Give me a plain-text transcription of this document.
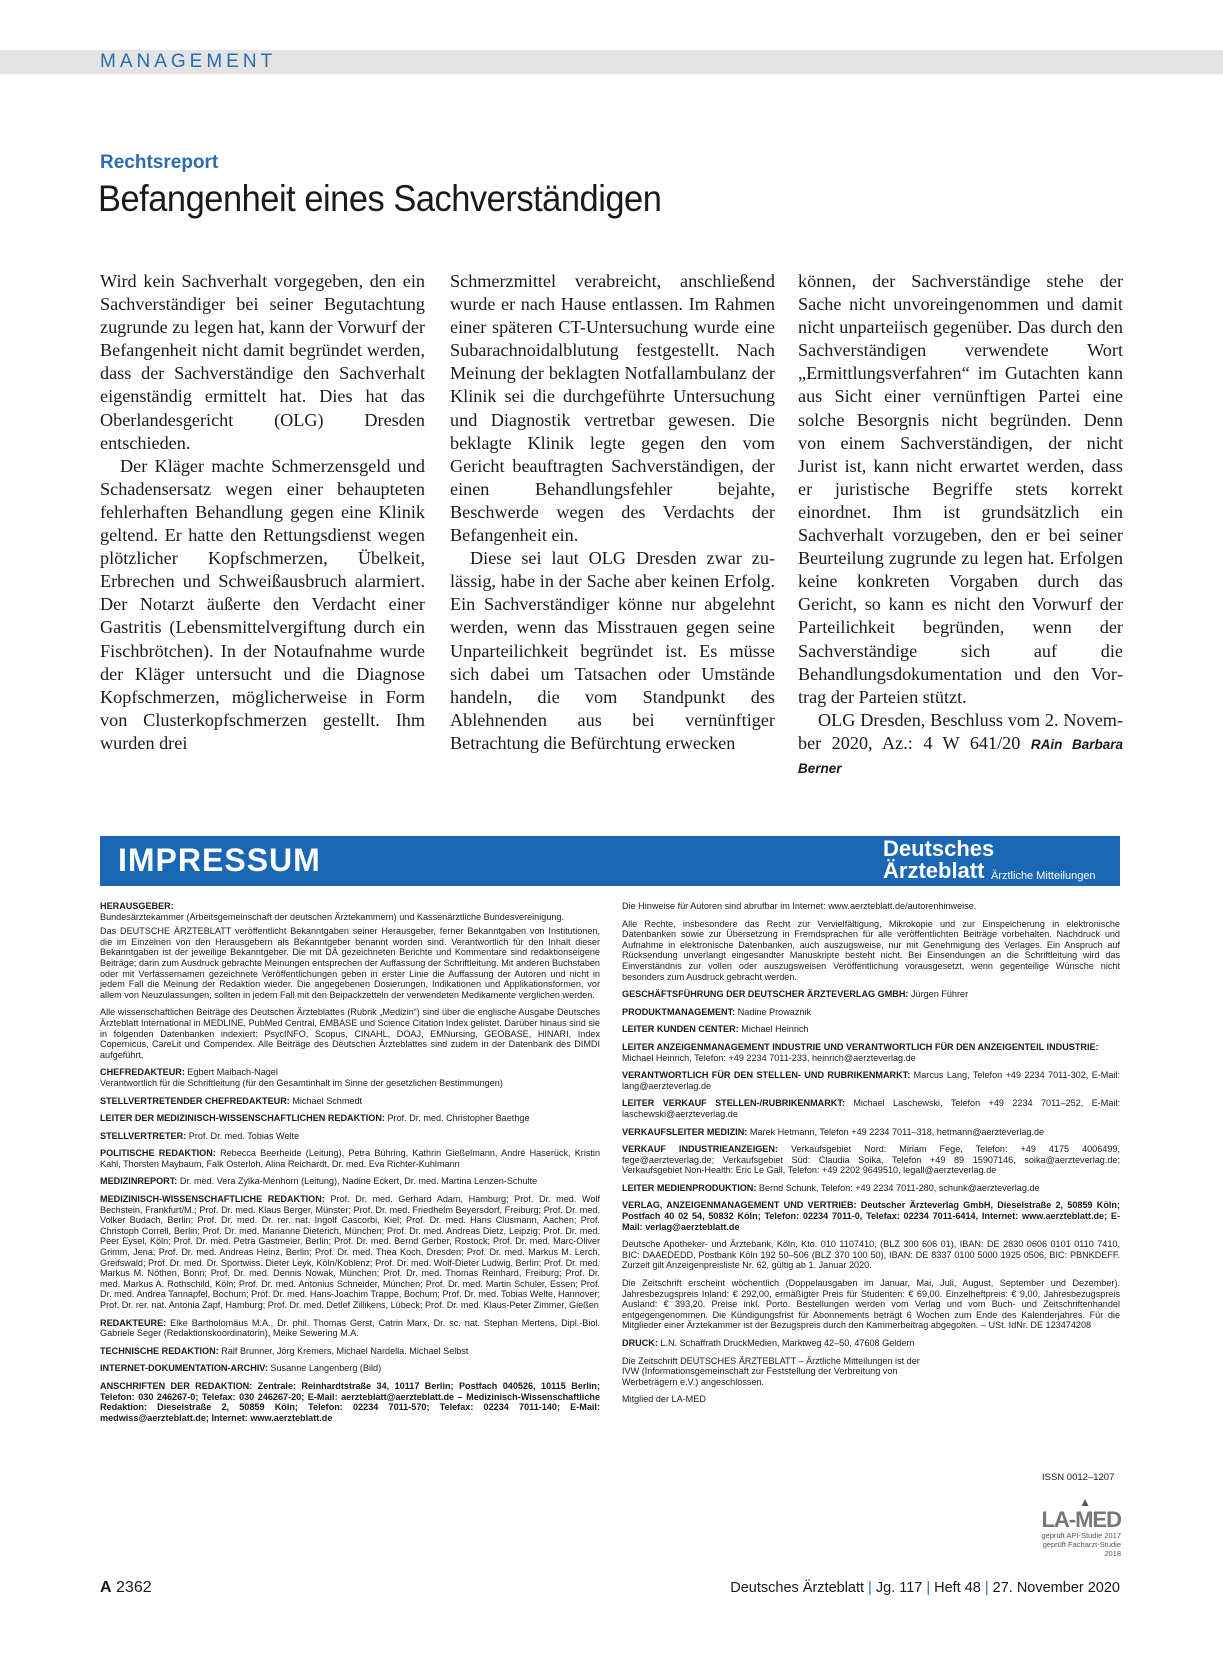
MANAGEMENT
Rechtsreport
Befangenheit eines Sachverständigen

Wird kein Sachverhalt vorgegeben, den ein Sachverständiger bei seiner Begutachtung zugrunde zu legen hat, kann der Vorwurf der Befangenheit nicht damit begründet werden, dass der Sachverständige den Sachverhalt eigenständig ermittelt hat. Dies hat das Oberlandesgericht (OLG) Dresden entschieden.

Der Kläger machte Schmerzensgeld und Schadensersatz wegen einer behaupteten fehlerhaften Behandlung gegen eine Klinik geltend. Er hatte den Rettungsdienst wegen plötzlicher Kopfschmerzen, Übelkeit, Erbrechen und Schweißausbruch alarmiert. Der Notarzt äußerte den Verdacht einer Gastritis (Lebensmittelvergiftung durch ein Fischbrötchen). In der Notaufnahme wurde der Kläger untersucht und die Diagnose Kopfschmerzen, möglicherweise in Form von Clusterkopfschmerzen gestellt. Ihm wurden drei

Schmerzmittel verabreicht, anschließend wurde er nach Hause entlassen. Im Rahmen einer späteren CT-Untersuchung wurde eine Subarachnoidalblutung festgestellt. Nach Meinung der beklagten Notfallambulanz der Klinik sei die durchgeführte Untersuchung und Diagnostik vertretbar gewesen. Die beklagte Klinik legte gegen den vom Gericht beauftragten Sachverständigen, der einen Behandlungsfehler bejahte, Beschwerde wegen des Verdachts der Befangenheit ein.

Diese sei laut OLG Dresden zwar zulässig, habe in der Sache aber keinen Erfolg. Ein Sachverständiger könne nur abgelehnt werden, wenn das Misstrauen gegen seine Unparteilichkeit begründet ist. Es müsse sich dabei um Tatsachen oder Umstände handeln, die vom Standpunkt des Ablehnenden aus bei vernünftiger Betrachtung die Befürchtung erwecken

können, der Sachverständige stehe der Sache nicht unvoreingenommen und damit nicht unparteiisch gegenüber. Das durch den Sachverständigen verwendete Wort „Ermittlungsverfahren“ im Gutachten kann aus Sicht einer vernünftigen Partei eine solche Besorgnis nicht begründen. Denn von einem Sachverständigen, der nicht Jurist ist, kann nicht erwartet werden, dass er juristische Begriffe stets korrekt einordnet. Ihm ist grundsätzlich ein Sachverhalt vorzugeben, den er bei seiner Beurteilung zugrunde zu legen hat. Erfolgen keine konkreten Vorgaben durch das Gericht, so kann es nicht den Vorwurf der Parteilichkeit begründen, wenn der Sachverständige sich auf die Behandlungsdokumentation und den Vortrag der Parteien stützt.

OLG Dresden, Beschluss vom 2. November 2020, Az.: 4 W 641/20 RAin Barbara Berner

IMPRESSUM	Deutsches
Ärzteblatt Ärztliche Mitteilungen

HERAUSGEBER:
Bundesärztekammer (Arbeitsgemeinschaft der deutschen Ärztekammern) und Kassenärztliche Bundesvereinigung.

Das DEUTSCHE ÄRZTEBLATT veröffentlicht Bekanntgaben seiner Herausgeber, ferner Bekanntgaben von Institutionen, die im Einzelnen von den Herausgebern als Bekanntgeber benannt worden sind. Verantwortlich für den Inhalt dieser Bekanntgaben ist der jeweilige Bekanntgeber. Die mit DÄ gezeichneten Berichte und Kommentare sind redaktionseigene Beiträge; darin zum Ausdruck gebrachte Meinungen entsprechen der Auffassung der Schriftleitung. Mit anderen Buchstaben oder mit Verfassernamen gezeichnete Veröffentlichungen geben in erster Linie die Auffassung der Autoren und nicht in jedem Fall die Meinung der Redaktion wieder. Die angegebenen Dosierungen, Indikationen und Applikationsformen, vor allem von Neuzulassungen, sollten in jedem Fall mit den Beipackzetteln der verwendeten Medikamente verglichen werden.

Alle wissenschaftlichen Beiträge des Deutschen Ärzteblattes (Rubrik „Medizin“) sind über die englische Ausgabe Deutsches Ärzteblatt International in MEDLINE, PubMed Central, EMBASE und Science Citation Index gelistet. Darüber hinaus sind sie in folgenden Datenbanken indexiert: PsycINFO, Scopus, CINAHL, DOAJ, EMNursing, GEOBASE, HINARI, Index Copernicus, CareLit und Compendex. Alle Beiträge des Deutschen Ärzteblattes sind zudem in der Datenbank des DIMDI aufgeführt.

CHEFREDAKTEUR: Egbert Maibach-Nagel
Verantwortlich für die Schriftleitung (für den Gesamtinhalt im Sinne der gesetzlichen Bestimmungen)

STELLVERTRETENDER CHEFREDAKTEUR: Michael Schmedt

LEITER DER MEDIZINISCH-WISSENSCHAFTLICHEN REDAKTION: Prof. Dr. med. Christopher Baethge

STELLVERTRETER: Prof. Dr. med. Tobias Welte

POLITISCHE REDAKTION: Rebecca Beerheide (Leitung), Petra Bühring, Kathrin Gießelmann, André Haserück, Kristin Kahl, Thorsten Maybaum, Falk Osterloh, Alina Reichardt, Dr. med. Eva Richter-Kuhlmann

MEDIZINREPORT: Dr. med. Vera Zylka-Menhorn (Leitung), Nadine Eckert, Dr. med. Martina Lenzen-Schulte

MEDIZINISCH-WISSENSCHAFTLICHE REDAKTION: Prof. Dr. med. Gerhard Adam, Hamburg; Prof. Dr. med. Wolf Bechstein, Frankfurt/M.; Prof. Dr. med. Klaus Berger, Münster; Prof. Dr. med. Friedhelm Beyersdorf, Freiburg; Prof. Dr. med. Volker Budach, Berlin; Prof. Dr. med. Dr. rer. nat. Ingolf Cascorbi, Kiel; Prof. Dr. med. Hans Clusmann, Aachen; Prof. Christoph Correll, Berlin; Prof. Dr. med. Marianne Dieterich, München; Prof. Dr. med. Andreas Dietz, Leipzig; Prof. Dr. med. Peer Eysel, Köln; Prof. Dr. med. Petra Gastmeier, Berlin; Prof. Dr. med. Bernd Gerber, Rostock; Prof. Dr. med. Marc-Oliver Grimm, Jena; Prof. Dr. med. Andreas Heinz, Berlin; Prof. Dr. med. Thea Koch, Dresden; Prof. Dr. med. Markus M. Lerch, Greifswald; Prof. Dr. med. Dr. Sportwiss. Dieter Leyk, Köln/Koblenz; Prof. Dr. med. Wolf-Dieter Ludwig, Berlin; Prof. Dr. med. Markus M. Nöthen, Bonn; Prof. Dr. med. Dennis Nowak, München; Prof. Dr. med. Thomas Reinhard, Freiburg; Prof. Dr. med. Markus A. Rothschild, Köln; Prof. Dr. med. Antonius Schneider, München; Prof. Dr. med. Martin Schuler, Essen; Prof. Dr. med. Andrea Tannapfel, Bochum; Prof. Dr. med. Hans-Joachim Trappe, Bochum; Prof. Dr. med. Tobias Welte, Hannover; Prof. Dr. rer. nat. Antonia Zapf, Hamburg; Prof. Dr. med. Detlef Zillikens, Lübeck; Prof. Dr. med. Klaus-Peter Zimmer, Gießen

REDAKTEURE: Elke Bartholomäus M.A., Dr. phil. Thomas Gerst, Catrin Marx, Dr. sc. nat. Stephan Mertens, Dipl.-Biol. Gabriele Seger (Redaktionskoordinatorin), Meike Sewering M.A.

TECHNISCHE REDAKTION: Ralf Brunner, Jörg Kremers, Michael Nardella. Michael Selbst

INTERNET-DOKUMENTATION-ARCHIV: Susanne Langenberg (Bild)

ANSCHRIFTEN DER REDAKTION: Zentrale: Reinhardtstraße 34, 10117 Berlin; Postfach 040526, 10115 Berlin; Telefon: 030 246267-0; Telefax: 030 246267-20; E-Mail: aerzteblatt@aerzteblatt.de – Medizinisch-Wissenschaftliche Redaktion: Dieselstraße 2, 50859 Köln; Telefon: 02234 7011-570; Telefax: 02234 7011-140; E-Mail: medwiss@aerzteblatt.de; Internet: www.aerzteblatt.de

Die Hinweise für Autoren sind abrufbar im Internet: www.aerzteblatt.de/autorenhinweise.

Alle Rechte, insbesondere das Recht zur Vervielfältigung, Mikrokopie und zur Einspeicherung in elektronische Datenbanken sowie zur Übersetzung in Fremdsprachen für alle veröffentlichten Beiträge vorbehalten. Nachdruck und Aufnahme in elektronische Datenbanken, auch auszugsweise, nur mit Genehmigung des Verlages. Ein Anspruch auf Rücksendung unverlangt eingesandter Manuskripte besteht nicht. Bei Einsendungen an die Schriftleitung wird das Einverständnis zur vollen oder auszugsweisen Veröffentlichung vorausgesetzt, wenn gegenteilige Wünsche nicht besonders zum Ausdruck gebracht werden.

GESCHÄFTSFÜHRUNG DER DEUTSCHER ÄRZTEVERLAG GMBH: Jürgen Führer

PRODUKTMANAGEMENT: Nadine Prowaznik

LEITER KUNDEN CENTER: Michael Heinrich

LEITER ANZEIGENMANAGEMENT INDUSTRIE UND VERANTWORTLICH FÜR DEN ANZEIGENTEIL INDUSTRIE:
Michael Heinrich, Telefon: +49 2234 7011-233, heinrich@aerzteverlag.de

VERANTWORTLICH FÜR DEN STELLEN- UND RUBRIKENMARKT: Marcus Lang, Telefon +49 2234 7011-302, E-Mail: lang@aerzteverlag.de

LEITER VERKAUF STELLEN-/RUBRIKENMARKT: Michael Laschewski, Telefon +49 2234 7011–252, E-Mail: laschewski@aerzteverlag.de

VERKAUFSLEITER MEDIZIN: Marek Hetmann, Telefon +49 2234 7011–318, hetmann@aerzteverlag.de

VERKAUF INDUSTRIEANZEIGEN: Verkaufsgebiet Nord: Miriam Fege, Telefon: +49 4175 4006499, fege@aerzteverlag.de; Verkaufsgebiet Süd: Claudia Soika, Telefon +49 89 15907146, soika@aerzteverlag.de; Verkaufsgebiet Non-Health: Eric Le Gall, Telefon: +49 2202 9649510, legall@aerzteverlag.de

LEITER MEDIENPRODUKTION: Bernd Schunk, Telefon: +49 2234 7011-280, schunk@aerzteverlag.de

VERLAG, ANZEIGENMANAGEMENT UND VERTRIEB: Deutscher Ärzteverlag GmbH, Dieselstraße 2, 50859 Köln; Postfach 40 02 54, 50832 Köln; Telefon: 02234 7011-0, Telefax: 02234 7011-6414, Internet: www.aerzteblatt.de; E-Mail: verlag@aerzteblatt.de

Deutsche Apotheker- und Ärztebank, Köln, Kto. 010 1107410, (BLZ 300 606 01), IBAN: DE 2830 0606 0101 0110 7410, BIC: DAAEDEDD, Postbank Köln 192 50–506 (BLZ 370 100 50), IBAN: DE 8337 0100 5000 1925 0506, BIC: PBNKDEFF. Zurzeit gilt Anzeigenpreisliste Nr. 62, gültig ab 1. Januar 2020.

Die Zeitschrift erscheint wöchentlich (Doppelausgaben im Januar, Mai, Juli, August, September und Dezember). Jahresbezugspreis Inland: € 292,00, ermäßigter Preis für Studenten: € 69,00. Einzelheftpreis: € 9,00, Jahresbezugspreis Ausland: € 393,20. Preise inkl. Porto. Bestellungen werden vom Verlag und vom Buch- und Zeitschriftenhandel entgegengenommen. Die Kündigungsfrist für Abonnements beträgt 6 Wochen zum Ende des Kalenderjahres. Für die Mitglieder einer Ärztekammer ist der Bezugspreis durch den Kammerbeitrag abgegolten. – USt. IdNr. DE 123474208

DRUCK: L.N. Schaffrath DruckMedien, Marktweg 42–50, 47608 Geldern

Die Zeitschrift DEUTSCHES ÄRZTEBLATT – Ärztliche Mitteilungen ist der IVW (Informationsgemeinschaft zur Feststellung der Verbreitung von Werbeträgern e.V.) angeschlossen.

Mitglied der LA-MED

ISSN 0012–1207
▲
LA-MED
geprüft API-Studie 2017
geprüft Facharzt-Studie 2018
A 2362	Deutsches Ärzteblatt | Jg. 117 | Heft 48 | 27. November 2020
